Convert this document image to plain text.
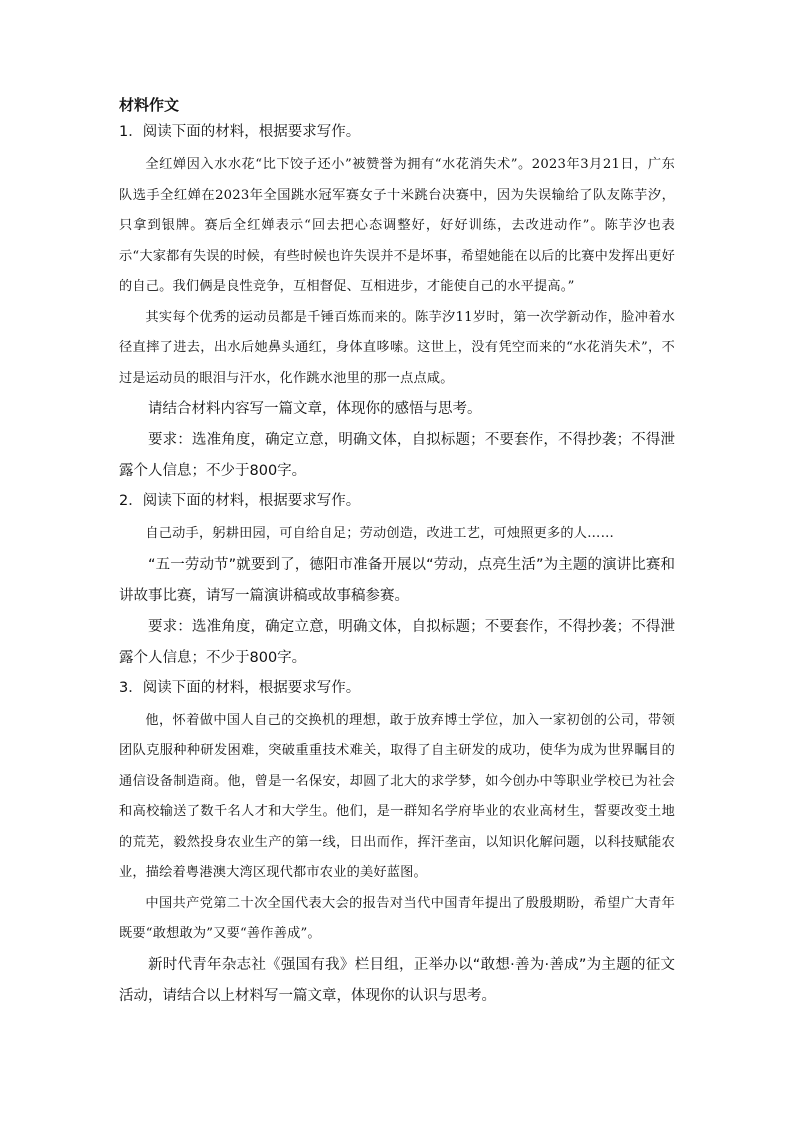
材料作文
1．阅读下面的材料，根据要求写作。

全红婵因入水水花“比下饺子还小”被赞誉为拥有“水花消失术”。2023年3月21日，广东队选手全红婵在2023年全国跳水冠军赛女子十米跳台决赛中，因为失误输给了队友陈芋汐，只拿到银牌。赛后全红婵表示“回去把心态调整好，好好训练，去改进动作”。陈芋汐也表示“大家都有失误的时候，有些时候也许失误并不是坏事，希望她能在以后的比赛中发挥出更好的自己。我们俩是良性竞争，互相督促、互相进步，才能使自己的水平提高。”

其实每个优秀的运动员都是千锤百炼而来的。陈芋汐11岁时，第一次学新动作，脸冲着水径直摔了进去，出水后她鼻头通红，身体直哆嗦。这世上，没有凭空而来的“水花消失术”，不过是运动员的眼泪与汗水，化作跳水池里的那一点点咸。

请结合材料内容写一篇文章，体现你的感悟与思考。

要求：选准角度，确定立意，明确文体，自拟标题；不要套作，不得抄袭；不得泄露个人信息；不少于800字。

2．阅读下面的材料，根据要求写作。

自己动手，躬耕田园，可自给自足；劳动创造，改进工艺，可烛照更多的人……

“五一劳动节”就要到了，德阳市准备开展以“劳动，点亮生活”为主题的演讲比赛和讲故事比赛，请写一篇演讲稿或故事稿参赛。

要求：选准角度，确定立意，明确文体，自拟标题；不要套作，不得抄袭；不得泄露个人信息；不少于800字。

3．阅读下面的材料，根据要求写作。

他，怀着做中国人自己的交换机的理想，敢于放弃博士学位，加入一家初创的公司，带领团队克服种种研发困难，突破重重技术难关，取得了自主研发的成功，使华为成为世界瞩目的通信设备制造商。他，曾是一名保安，却圆了北大的求学梦，如今创办中等职业学校已为社会和高校输送了数千名人才和大学生。他们，是一群知名学府毕业的农业高材生，誓要改变土地的荒芜，毅然投身农业生产的第一线，日出而作，挥汗垄亩，以知识化解问题，以科技赋能农业，描绘着粤港澳大湾区现代都市农业的美好蓝图。

中国共产党第二十次全国代表大会的报告对当代中国青年提出了殷殷期盼，希望广大青年既要“敢想敢为”又要“善作善成”。

新时代青年杂志社《强国有我》栏目组，正举办以“敢想·善为·善成”为主题的征文活动，请结合以上材料写一篇文章，体现你的认识与思考。
